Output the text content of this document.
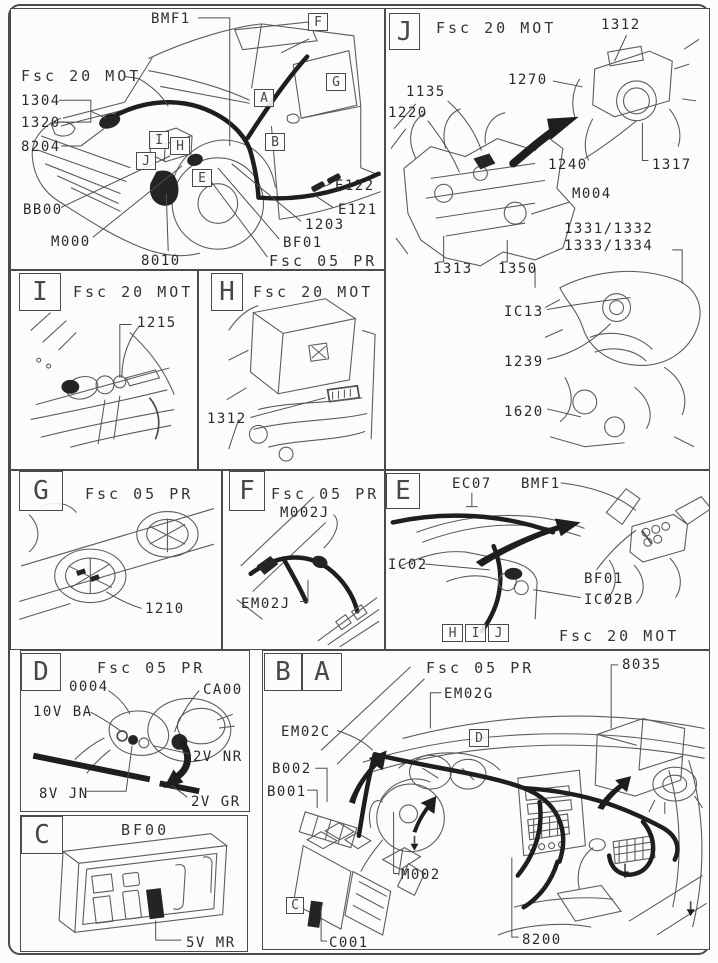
BMF1
Fsc 20 MOT
1304
1320
8204
BB00
M000
8010
E122
E121
1203
BF01
Fsc 05 PR
F
G
A
B
I	H
J
E
J	Fsc 20 MOT	1312
1270
1135
1220
1240	1317
M004
1331/1332
1333/1334
1313 1350
IC13
1239
1620
I	Fsc 20 MOT
1215
H	Fsc 20 MOT
1312
G	Fsc 05 PR
1210
F	Fsc 05 PR
M002J
EM02J
E	EC07 BMF1
IC02
BF01
IC02B
H	I	J	Fsc 20 MOT
D	Fsc 05 PR
0004	CA00
10V BA
2V NR
8V JN	2V GR
C	BF00
5V MR
B A	Fsc 05 PR	8035
EM02G
EM02C
B002
B001
D
C
M002
C001	8200
